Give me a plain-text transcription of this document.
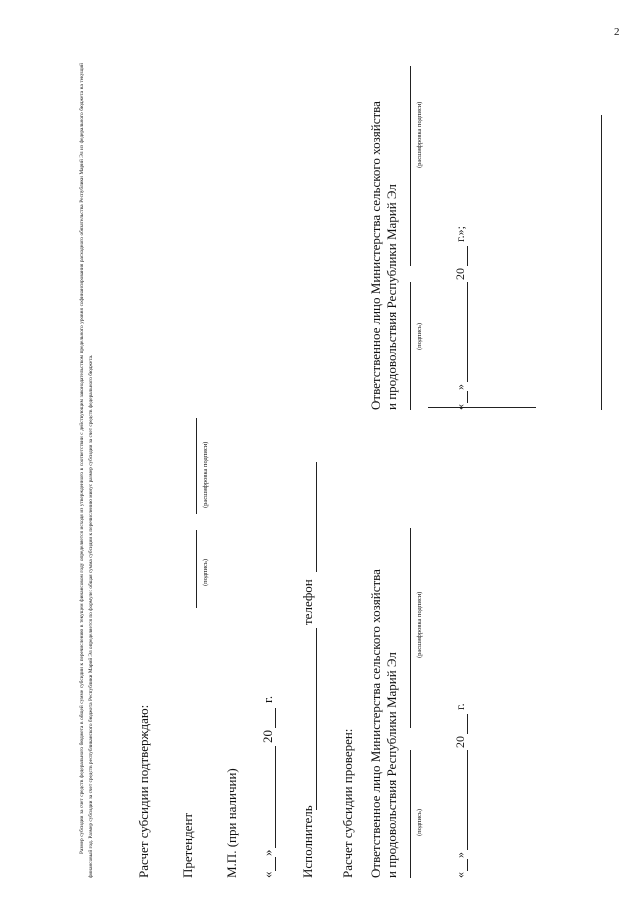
2

Размер субсидии за счет средств федерального бюджета в общей сумме субсидии к перечислению в текущем финансовом году определяется исходя из утвержденного в соответствии с действующим законодательством предельного уровня софинансирования расходного обязательства Республики Марий Эл из федерального бюджета на текущий финансовый год. Размер субсидии за счет средств республиканского бюджета Республики Марий Эл определяется по формуле: общая сумма субсидии к перечислению минус размер субсидии за счет средств федерального бюджета.	Расчет субсидии подтверждаю: Претендент
(подпись)
(расшифровка подписи)
М.П. (при наличии) «
»
20
г.
Исполнитель
телефон
Расчет субсидии проверен: Ответственное лицо Министерства сельского хозяйства и продовольствия Республики Марий Эл	(подпись)
(расшифровка подписи)
«
»
20
г.
Ответственное лицо Министерства сельского хозяйства и продовольствия Республики Марий Эл	(подпись)
(расшифровка подписи)
«
»
20
г.»;
